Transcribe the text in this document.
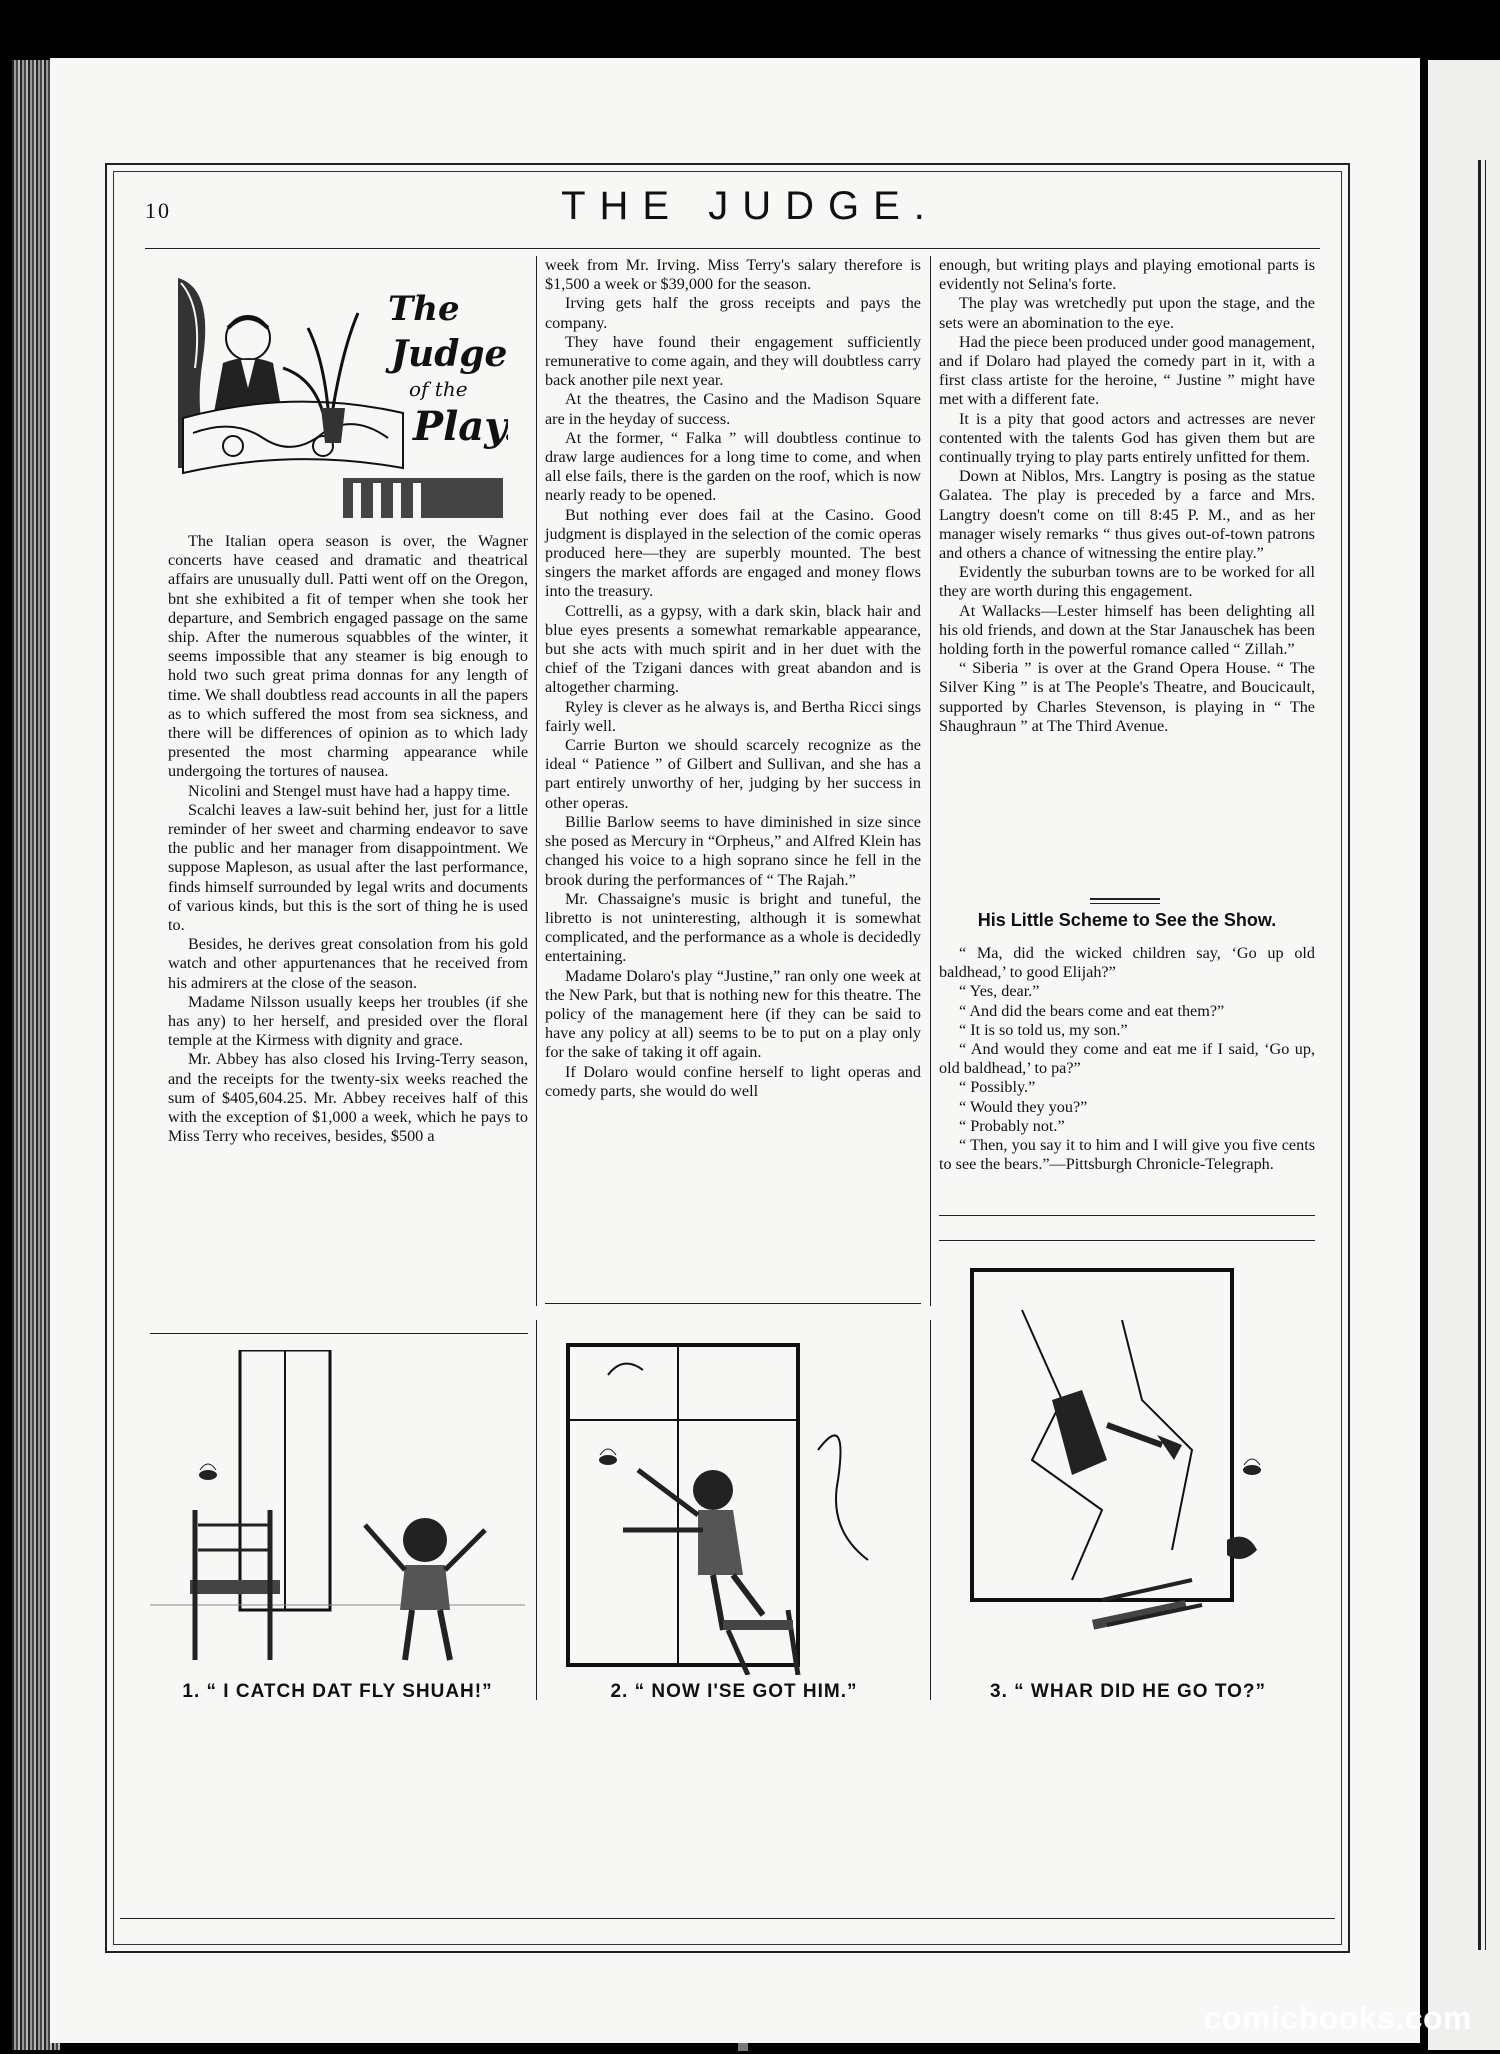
10	THE JUDGE.
The
Judge
of the
Play.

The Italian opera season is over, the Wagner concerts have ceased and dramatic and theatrical affairs are unusually dull. Patti went off on the Oregon, bnt she exhibited a fit of temper when she took her departure, and Sembrich engaged passage on the same ship. After the numerous squabbles of the winter, it seems impossible that any steamer is big enough to hold two such great prima donnas for any length of time. We shall doubtless read accounts in all the papers as to which suffered the most from sea sickness, and there will be differences of opinion as to which lady presented the most charming appearance while undergoing the tortures of nausea.

Nicolini and Stengel must have had a happy time.

Scalchi leaves a law-suit behind her, just for a little reminder of her sweet and charming endeavor to save the public and her manager from disappointment. We suppose Mapleson, as usual after the last performance, finds himself surrounded by legal writs and documents of various kinds, but this is the sort of thing he is used to.

Besides, he derives great consolation from his gold watch and other appurtenances that he received from his admirers at the close of the season.

Madame Nilsson usually keeps her troubles (if she has any) to her herself, and presided over the floral temple at the Kirmess with dignity and grace.

Mr. Abbey has also closed his Irving-Terry season, and the receipts for the twenty-six weeks reached the sum of $405,604.25. Mr. Abbey receives half of this with the exception of $1,000 a week, which he pays to Miss Terry who receives, besides, $500 a

week from Mr. Irving. Miss Terry's salary therefore is $1,500 a week or $39,000 for the season.

Irving gets half the gross receipts and pays the company.

They have found their engagement sufficiently remunerative to come again, and they will doubtless carry back another pile next year.

At the theatres, the Casino and the Madison Square are in the heyday of success.

At the former, “ Falka ” will doubtless continue to draw large audiences for a long time to come, and when all else fails, there is the garden on the roof, which is now nearly ready to be opened.

But nothing ever does fail at the Casino. Good judgment is displayed in the selection of the comic operas produced here—they are superbly mounted. The best singers the market affords are engaged and money flows into the treasury.

Cottrelli, as a gypsy, with a dark skin, black hair and blue eyes presents a somewhat remarkable appearance, but she acts with much spirit and in her duet with the chief of the Tzigani dances with great abandon and is altogether charming.

Ryley is clever as he always is, and Bertha Ricci sings fairly well.

Carrie Burton we should scarcely recognize as the ideal “ Patience ” of Gilbert and Sullivan, and she has a part entirely unworthy of her, judging by her success in other operas.

Billie Barlow seems to have diminished in size since she posed as Mercury in “Orpheus,” and Alfred Klein has changed his voice to a high soprano since he fell in the brook during the performances of “ The Rajah.”

Mr. Chassaigne's music is bright and tuneful, the libretto is not uninteresting, although it is somewhat complicated, and the performance as a whole is decidedly entertaining.

Madame Dolaro's play “Justine,” ran only one week at the New Park, but that is nothing new for this theatre. The policy of the management here (if they can be said to have any policy at all) seems to be to put on a play only for the sake of taking it off again.

If Dolaro would confine herself to light operas and comedy parts, she would do well

enough, but writing plays and playing emotional parts is evidently not Selina's forte.

The play was wretchedly put upon the stage, and the sets were an abomination to the eye.

Had the piece been produced under good management, and if Dolaro had played the comedy part in it, with a first class artiste for the heroine, “ Justine ” might have met with a different fate.

It is a pity that good actors and actresses are never contented with the talents God has given them but are continually trying to play parts entirely unfitted for them.

Down at Niblos, Mrs. Langtry is posing as the statue Galatea. The play is preceded by a farce and Mrs. Langtry doesn't come on till 8:45 P. M., and as her manager wisely remarks “ thus gives out-of-town patrons and others a chance of witnessing the entire play.”

Evidently the suburban towns are to be worked for all they are worth during this engagement.

At Wallacks—Lester himself has been delighting all his old friends, and down at the Star Janauschek has been holding forth in the powerful romance called “ Zillah.”

“ Siberia ” is over at the Grand Opera House. “ The Silver King ” is at The People's Theatre, and Boucicault, supported by Charles Stevenson, is playing in “ The Shaughraun ” at The Third Avenue.

His Little Scheme to See the Show.

“ Ma, did the wicked children say, ‘Go up old baldhead,’ to good Elijah?”

“ Yes, dear.”

“ And did the bears come and eat them?”

“ It is so told us, my son.”

“ And would they come and eat me if I said, ‘Go up, old baldhead,’ to pa?”

“ Possibly.”

“ Would they you?”

“ Probably not.”

“ Then, you say it to him and I will give you five cents to see the bears.”—Pittsburgh Chronicle-Telegraph.

1. “ I CATCH DAT FLY SHUAH!”	2. “ NOW I'SE GOT HIM.”	3. “ WHAR DID HE GO TO?”
comicbooks.com
